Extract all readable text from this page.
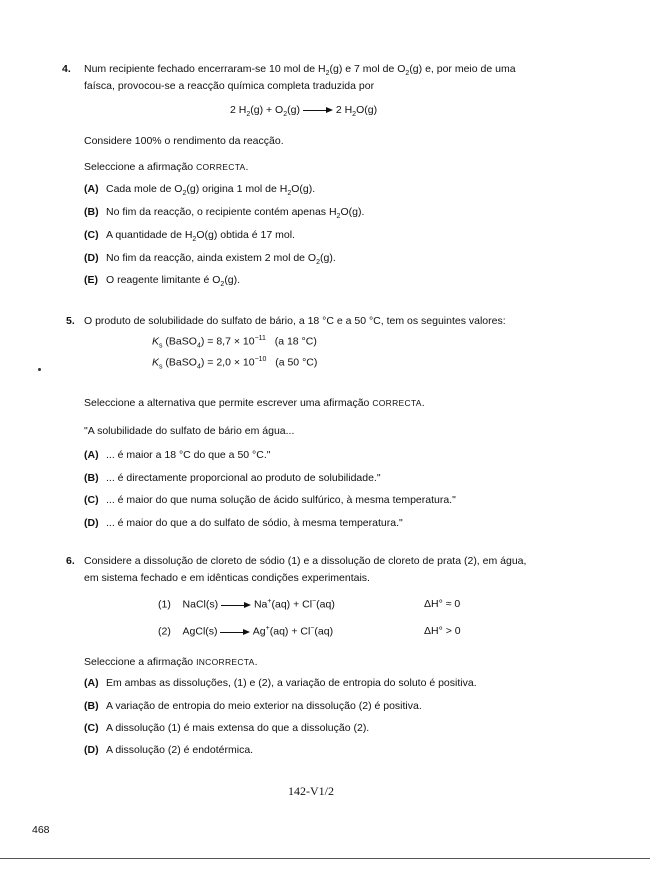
4. Num recipiente fechado encerraram-se 10 mol de $H_2(g)$ e 7 mol de $O_2(g)$ e, por meio de uma
faísca, provocou-se a reacção química completa traduzida por
2 $H_2(g) + O_2(g)$	2 $H_2O(g)$
Considere 100% o rendimento da reacção.
Seleccione a afirmação CORRECTA.
(A) Cada mole de $O_2(g)$ origina 1 mol de $H_2O(g)$.
(B) No fim da reacção, o recipiente contém apenas $H_2O(g)$.
(C) A quantidade de $H_2O(g)$ obtida é 17 mol.
(D) No fim da reacção, ainda existem 2 mol de $O_2(g)$.
(E) O reagente limitante é $O_2(g)$.
5. O produto de solubilidade do sulfato de bário, a 18 °C e a 50 °C, tem os seguintes valores:
$K_s$ (BaSO$_4$) = $8,7 \times 10^{-11}$ (a 18 °C)
$K_s$ (BaSO$_4$) = $2,0 \times 10^{-10}$ (a 50 °C)
Seleccione a alternativa que permite escrever uma afirmação CORRECTA.
"A solubilidade do sulfato de bário em água...
(A) ... é maior a 18 °C do que a 50 °C."
(B) ... é directamente proporcional ao produto de solubilidade."
(C) ... é maior do que numa solução de ácido sulfúrico, à mesma temperatura."
(D) ... é maior do que a do sulfato de sódio, à mesma temperatura."
6. Considere a dissolução de cloreto de sódio (1) e a dissolução de cloreto de prata (2), em água,
em sistema fechado e em idênticas condições experimentais.
(1) NaCl(s)	Na+(aq) + Cl−(aq)	ΔH° ≈ 0
(2) AgCl(s)	Ag+(aq) + Cl−(aq)	ΔH° > 0
Seleccione a afirmação INCORRECTA.
(A) Em ambas as dissoluções, (1) e (2), a variação de entropia do soluto é positiva.
(B) A variação de entropia do meio exterior na dissolução (2) é positiva.
(C) A dissolução (1) é mais extensa do que a dissolução (2).
(D) A dissolução (2) é endotérmica.
142-V1/2
468
